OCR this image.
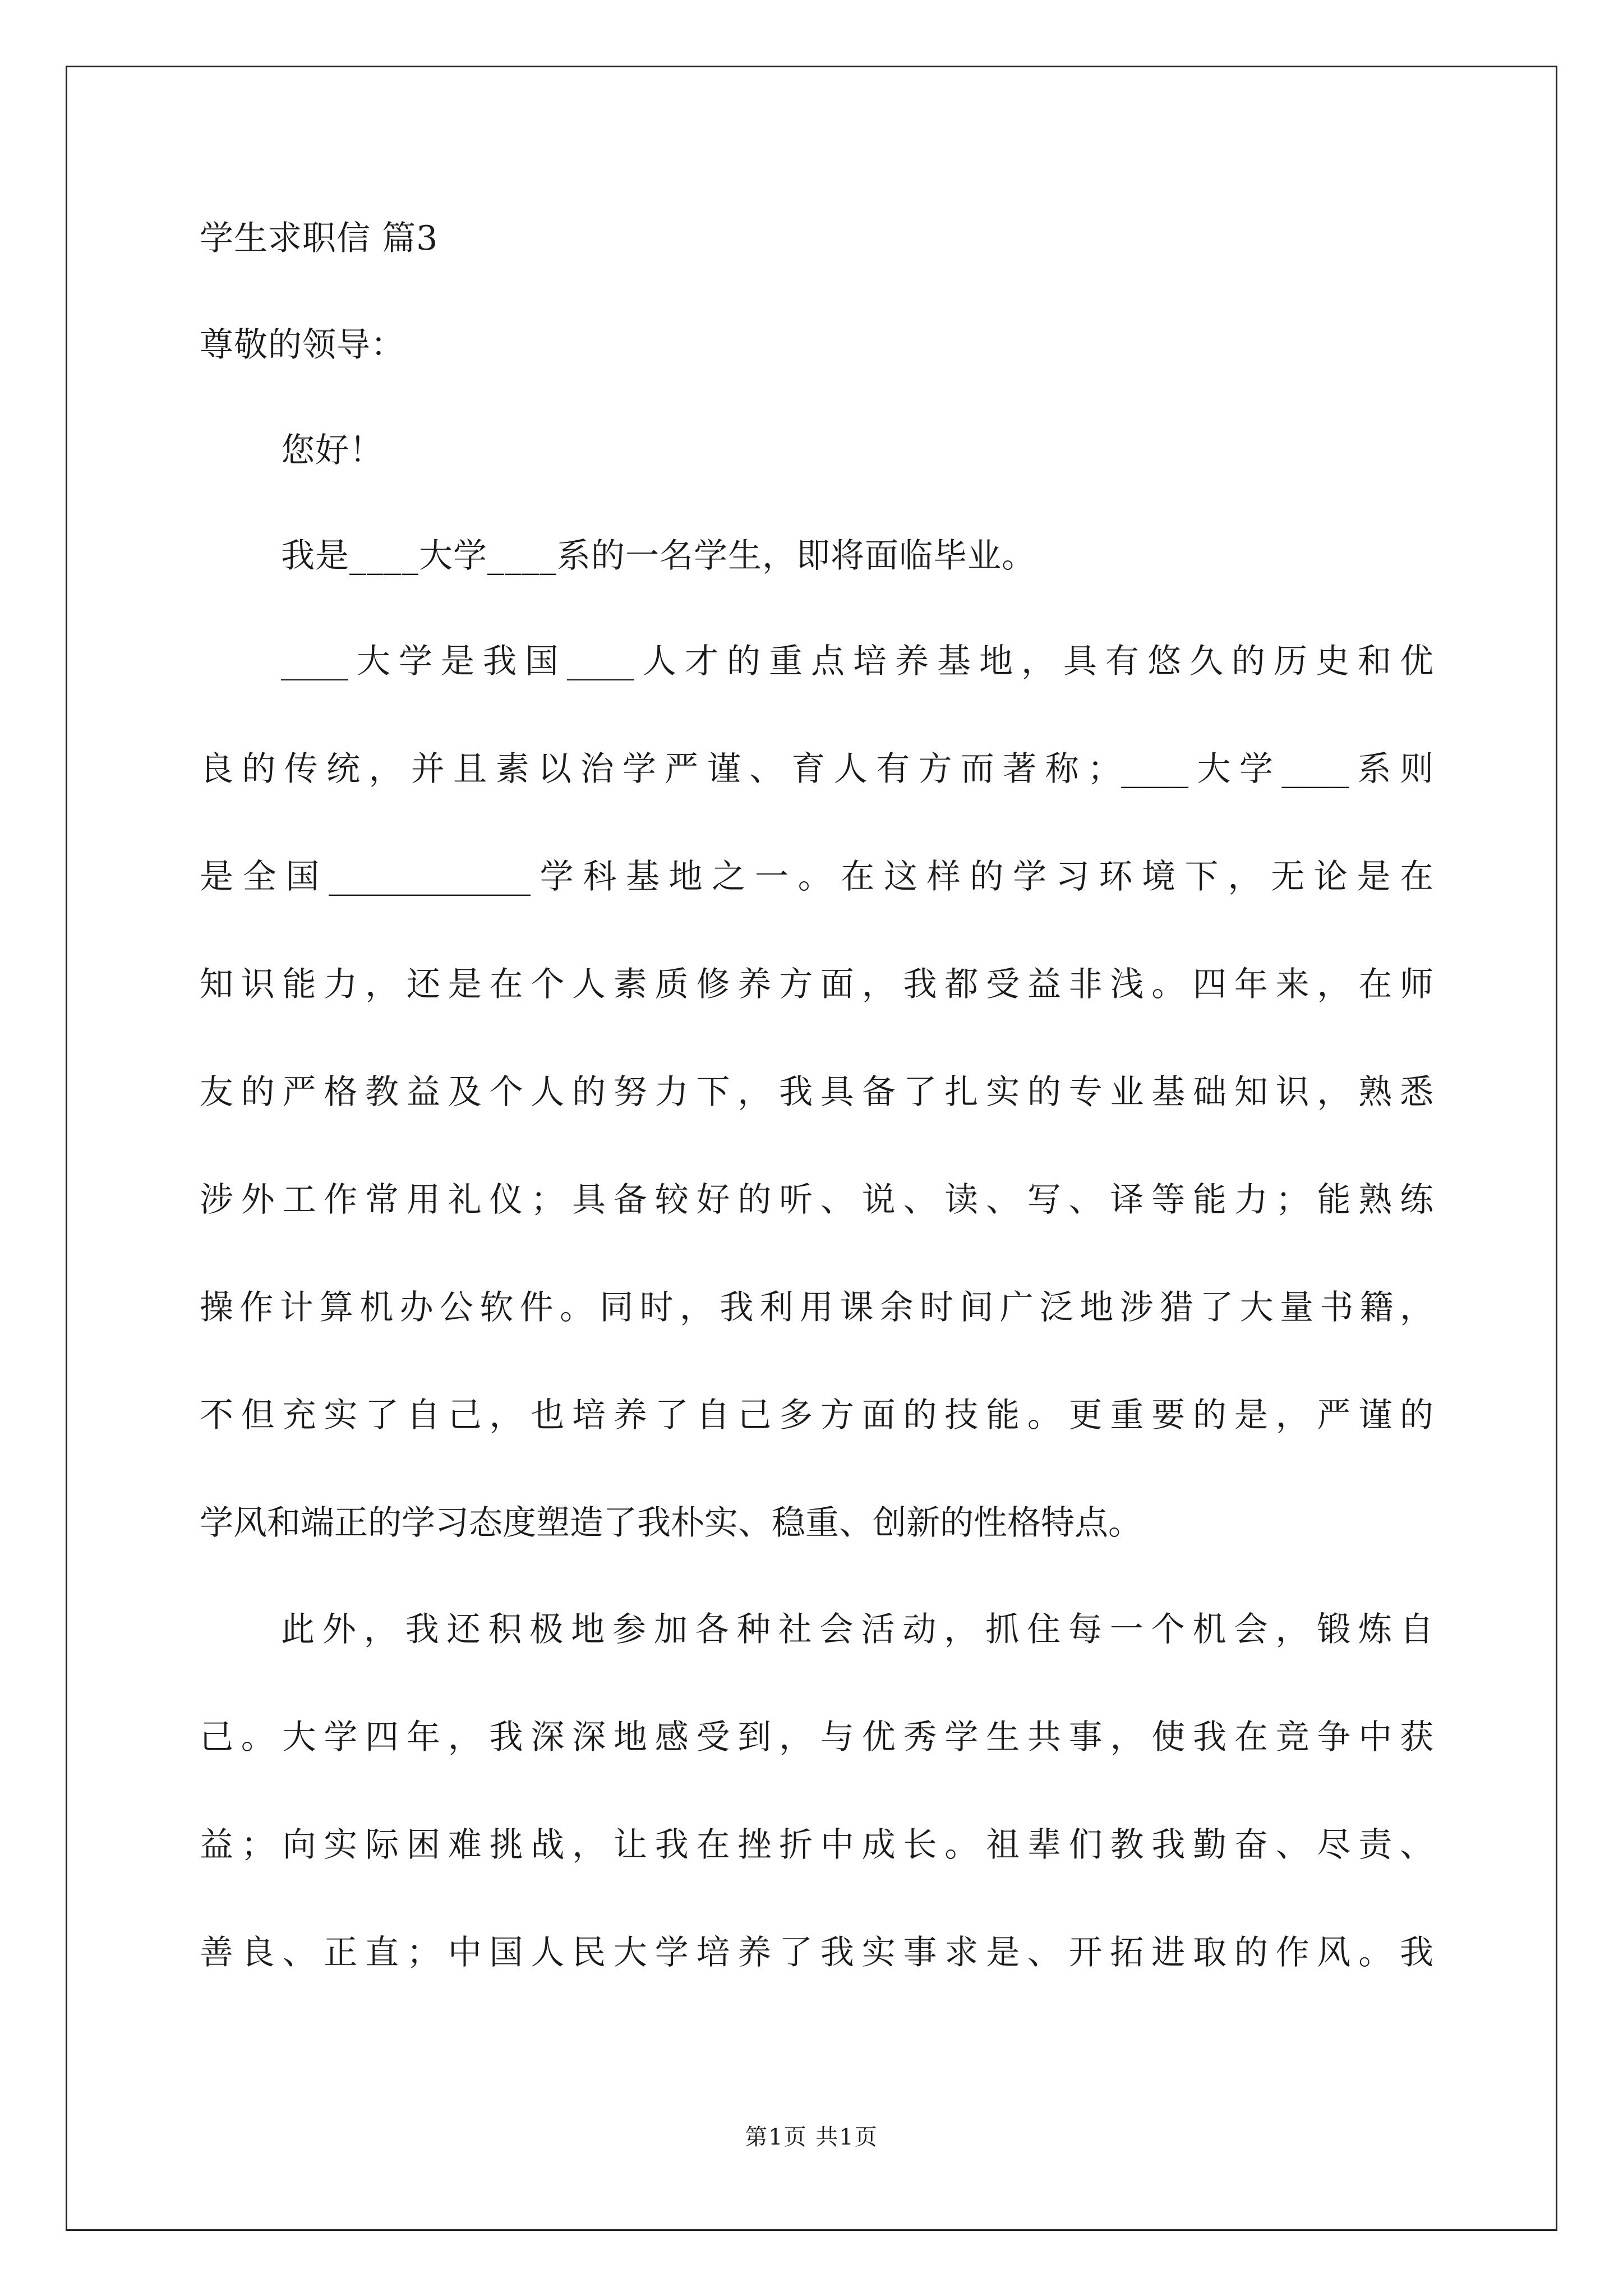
学生求职信 篇3
尊敬的领导：
您好！
我是____大学____系的一名学生，即将面临毕业。
____大学是我国____人才的重点培养基地，具有悠久的历史和优
良的传统，并且素以治学严谨、育人有方而著称；____大学____系则
是全国____________学科基地之一。在这样的学习环境下，无论是在
知识能力，还是在个人素质修养方面，我都受益非浅。四年来，在师
友的严格教益及个人的努力下，我具备了扎实的专业基础知识，熟悉
涉外工作常用礼仪；具备较好的听、说、读、写、译等能力；能熟练
操作计算机办公软件。同时，我利用课余时间广泛地涉猎了大量书籍，
不但充实了自己，也培养了自己多方面的技能。更重要的是，严谨的
学风和端正的学习态度塑造了我朴实、稳重、创新的性格特点。
此外，我还积极地参加各种社会活动，抓住每一个机会，锻炼自
己。大学四年，我深深地感受到，与优秀学生共事，使我在竞争中获
益；向实际困难挑战，让我在挫折中成长。祖辈们教我勤奋、尽责、
善良、正直；中国人民大学培养了我实事求是、开拓进取的作风。我
第1页 共1页
